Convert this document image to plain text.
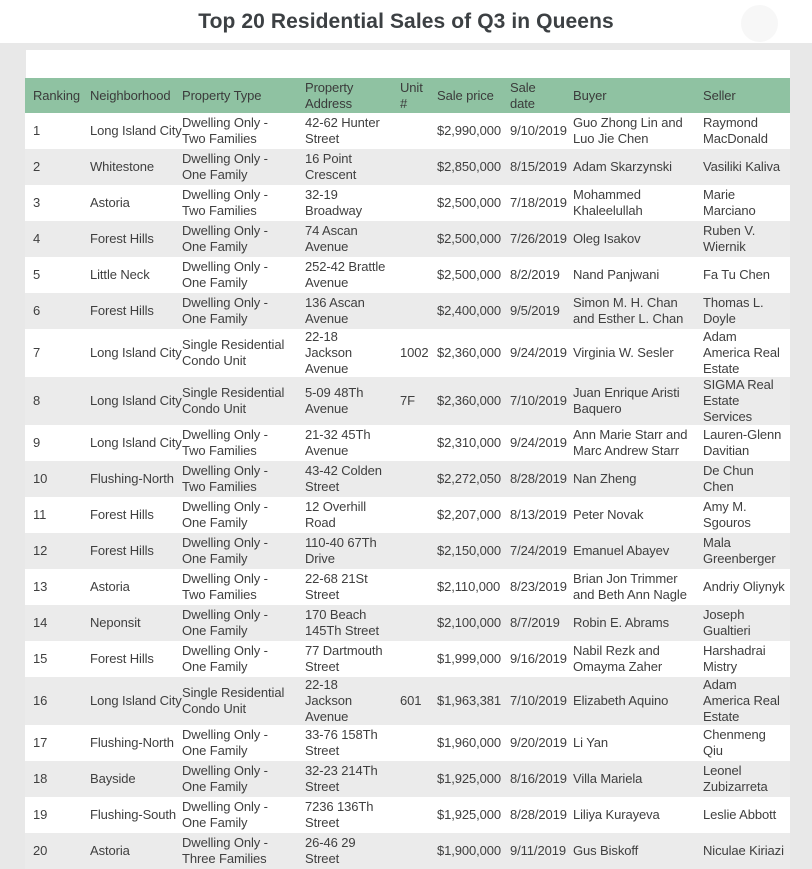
Top 20 Residential Sales of Q3 in Queens
Ranking	Neighborhood	Property Type	Property Address	Unit #	Sale price	Sale date	Buyer	Seller
1	Long Island City	Dwelling Only - Two Families	42-62 Hunter Street		$2,990,000	9/10/2019	Guo Zhong Lin and Luo Jie Chen	Raymond MacDonald
2	Whitestone	Dwelling Only - One Family	16 Point Crescent		$2,850,000	8/15/2019	Adam Skarzynski	Vasiliki Kaliva
3	Astoria	Dwelling Only - Two Families	32-19 Broadway		$2,500,000	7/18/2019	Mohammed Khaleelullah	Marie Marciano
4	Forest Hills	Dwelling Only - One Family	74 Ascan Avenue		$2,500,000	7/26/2019	Oleg Isakov	Ruben V. Wiernik
5	Little Neck	Dwelling Only - One Family	252-42 Brattle Avenue		$2,500,000	8/2/2019	Nand Panjwani	Fa Tu Chen
6	Forest Hills	Dwelling Only - One Family	136 Ascan Avenue		$2,400,000	9/5/2019	Simon M. H. Chan and Esther L. Chan	Thomas L. Doyle
7	Long Island City	Single Residential Condo Unit	22-18 Jackson Avenue	1002	$2,360,000	9/24/2019	Virginia W. Sesler	Adam America Real Estate
8	Long Island City	Single Residential Condo Unit	5-09 48Th Avenue	7F	$2,360,000	7/10/2019	Juan Enrique Aristi Baquero	SIGMA Real Estate Services
9	Long Island City	Dwelling Only - Two Families	21-32 45Th Avenue		$2,310,000	9/24/2019	Ann Marie Starr and Marc Andrew Starr	Lauren-Glenn Davitian
10	Flushing-North	Dwelling Only - Two Families	43-42 Colden Street		$2,272,050	8/28/2019	Nan Zheng	De Chun Chen
11	Forest Hills	Dwelling Only - One Family	12 Overhill Road		$2,207,000	8/13/2019	Peter Novak	Amy M. Sgouros
12	Forest Hills	Dwelling Only - One Family	110-40 67Th Drive		$2,150,000	7/24/2019	Emanuel Abayev	Mala Greenberger
13	Astoria	Dwelling Only - Two Families	22-68 21St Street		$2,110,000	8/23/2019	Brian Jon Trimmer and Beth Ann Nagle	Andriy Oliynyk
14	Neponsit	Dwelling Only - One Family	170 Beach 145Th Street		$2,100,000	8/7/2019	Robin E. Abrams	Joseph Gualtieri
15	Forest Hills	Dwelling Only - One Family	77 Dartmouth Street		$1,999,000	9/16/2019	Nabil Rezk and Omayma Zaher	Harshadrai Mistry
16	Long Island City	Single Residential Condo Unit	22-18 Jackson Avenue	601	$1,963,381	7/10/2019	Elizabeth Aquino	Adam America Real Estate
17	Flushing-North	Dwelling Only - One Family	33-76 158Th Street		$1,960,000	9/20/2019	Li Yan	Chenmeng Qiu
18	Bayside	Dwelling Only - One Family	32-23 214Th Street		$1,925,000	8/16/2019	Villa Mariela	Leonel Zubizarreta
19	Flushing-South	Dwelling Only - One Family	7236 136Th Street		$1,925,000	8/28/2019	Liliya Kurayeva	Leslie Abbott
20	Astoria	Dwelling Only - Three Families	26-46 29 Street		$1,900,000	9/11/2019	Gus Biskoff	Niculae Kiriazi
